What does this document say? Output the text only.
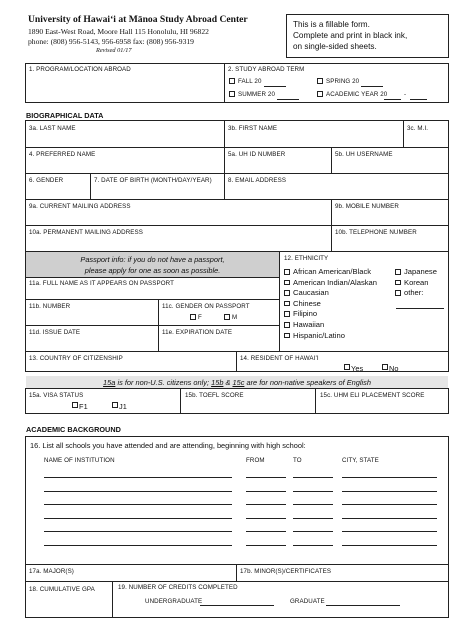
University of Hawaiʻi at Mānoa Study Abroad Center
1890 East-West Road, Moore Hall 115 Honolulu, HI 96822
phone: (808) 956-5143, 956-6958 fax: (808) 956-9319
Revised 01/17
This is a fillable form.
Complete and print in black ink,
on single-sided sheets.
1. PROGRAM/LOCATION ABROAD	2. STUDY ABROAD TERM
FALL 20	SPRING 20
SUMMER 20	ACADEMIC YEAR 20	-
BIOGRAPHICAL DATA
3a. LAST NAME	3b. FIRST NAME	3c. M.I.
4. PREFERRED NAME	5a. UH ID NUMBER	5b. UH USERNAME
6. GENDER	7. DATE OF BIRTH (MONTH/DAY/YEAR)	8. EMAIL ADDRESS
9a. CURRENT MAILING ADDRESS	9b. MOBILE NUMBER
10a. PERMANENT MAILING ADDRESS	10b. TELEPHONE NUMBER
Passport info: if you do not have a passport,
please apply for one as soon as possible.
11a. FULL NAME AS IT APPEARS ON PASSPORT
11b. NUMBER	11c. GENDER ON PASSPORT
F	M
11d. ISSUE DATE	11e. EXPIRATION DATE
12. ETHNICITY
African American/Black
American Indian/Alaskan
Caucasian
Chinese
Filipino
Hawaiian
Hispanic/Latino
Japanese
Korean
other:
13. COUNTRY OF CITIZENSHIP	14. RESIDENT OF HAWAIʻI
Yes	No
15a is for non-U.S. citizens only; 15b & 15c are for non-native speakers of English
15a. VISA STATUS
F1	J1
15b. TOEFL SCORE	15c. UHM ELI PLACEMENT SCORE
ACADEMIC BACKGROUND
16. List all schools you have attended and are attending, beginning with high school:
NAME OF INSTITUTION	FROM	TO	CITY, STATE
17a. MAJOR(S)	17b. MINOR(S)/CERTIFICATES
18. CUMULATIVE GPA	19. NUMBER OF CREDITS COMPLETED
UNDERGRADUATE	GRADUATE
